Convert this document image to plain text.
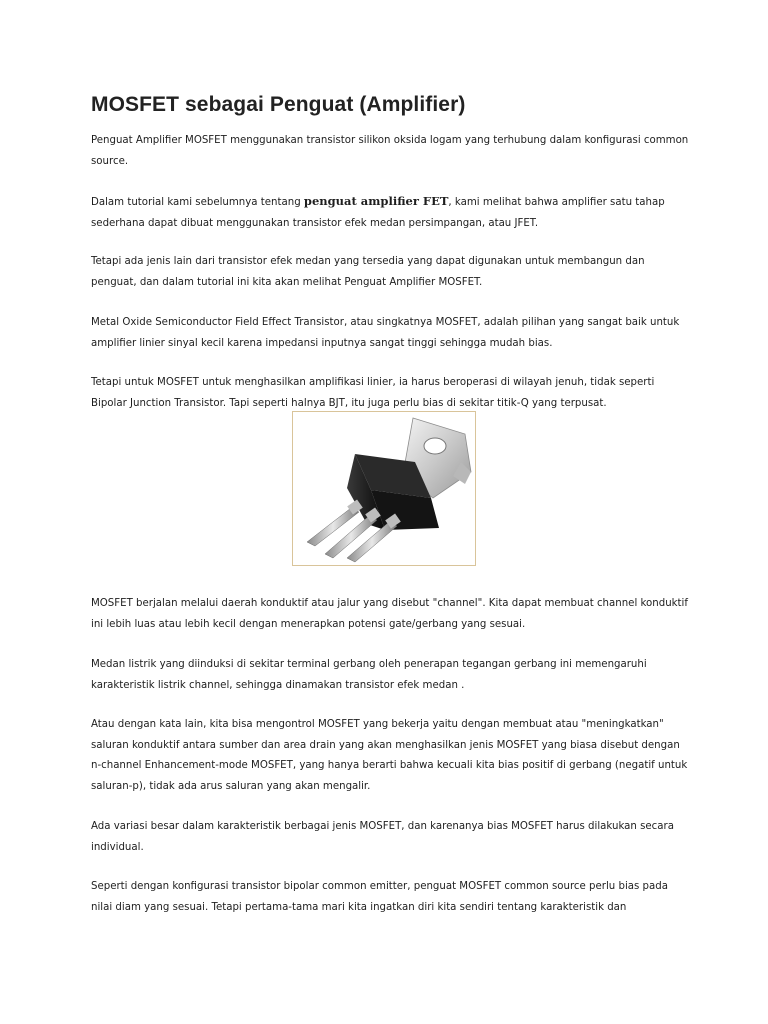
MOSFET sebagai Penguat (Amplifier)

Penguat Amplifier MOSFET menggunakan transistor silikon oksida logam yang terhubung dalam konfigurasi common source.

Dalam tutorial kami sebelumnya tentang penguat amplifier FET, kami melihat bahwa amplifier satu tahap sederhana dapat dibuat menggunakan transistor efek medan persimpangan, atau JFET.

Tetapi ada jenis lain dari transistor efek medan yang tersedia yang dapat digunakan untuk membangun dan penguat, dan dalam tutorial ini kita akan melihat Penguat Amplifier MOSFET.

Metal Oxide Semiconductor Field Effect Transistor, atau singkatnya MOSFET, adalah pilihan yang sangat baik untuk amplifier linier sinyal kecil karena impedansi inputnya sangat tinggi sehingga mudah bias.

Tetapi untuk MOSFET untuk menghasilkan amplifikasi linier, ia harus beroperasi di wilayah jenuh, tidak seperti Bipolar Junction Transistor. Tapi seperti halnya BJT, itu juga perlu bias di sekitar titik-Q yang terpusat.

MOSFET berjalan melalui daerah konduktif atau jalur yang disebut "channel". Kita dapat membuat channel konduktif ini lebih luas atau lebih kecil dengan menerapkan potensi gate/gerbang yang sesuai.

Medan listrik yang diinduksi di sekitar terminal gerbang oleh penerapan tegangan gerbang ini memengaruhi karakteristik listrik channel, sehingga dinamakan transistor efek medan .

Atau dengan kata lain, kita bisa mengontrol MOSFET yang bekerja yaitu dengan membuat atau "meningkatkan" saluran konduktif antara sumber dan area drain yang akan menghasilkan jenis MOSFET yang biasa disebut dengan n-channel Enhancement-mode MOSFET, yang hanya berarti bahwa kecuali kita bias positif di gerbang (negatif untuk saluran-p), tidak ada arus saluran yang akan mengalir.

Ada variasi besar dalam karakteristik berbagai jenis MOSFET, dan karenanya bias MOSFET harus dilakukan secara individual.

Seperti dengan konfigurasi transistor bipolar common emitter, penguat MOSFET common source perlu bias pada nilai diam yang sesuai. Tetapi pertama-tama mari kita ingatkan diri kita sendiri tentang karakteristik dan
